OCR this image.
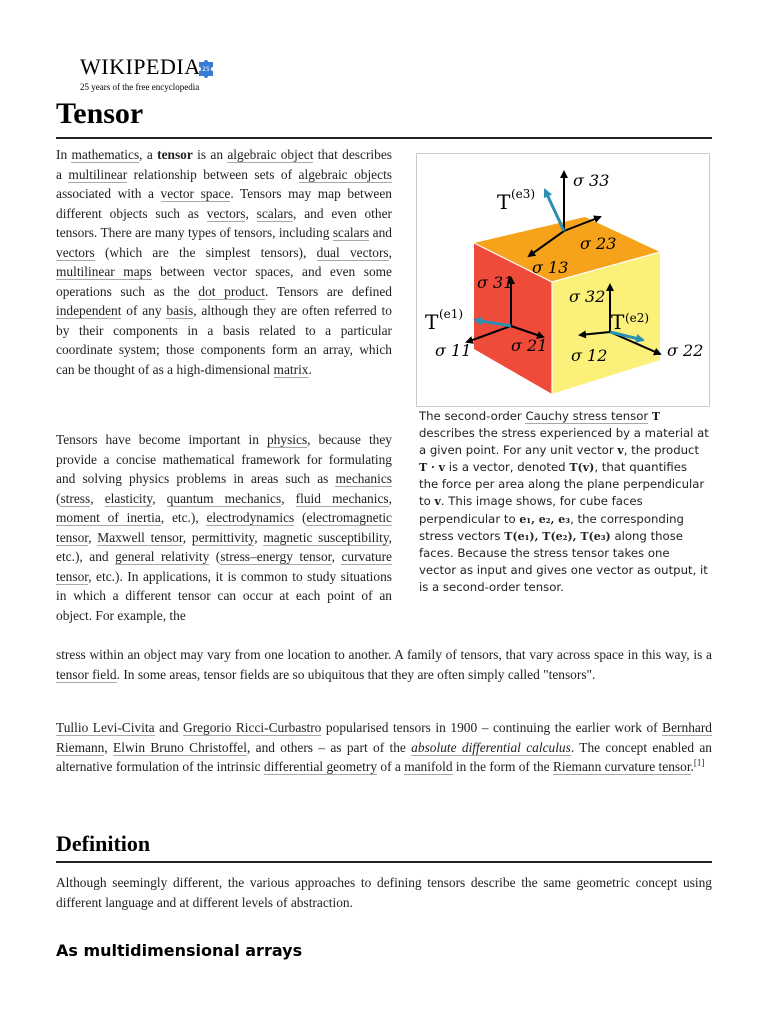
WIKIPEDIA 25
25 years of the free encyclopedia
Tensor

In mathematics, a tensor is an algebraic object that describes a multilinear relationship between sets of algebraic objects associated with a vector space. Tensors may map between different objects such as vectors, scalars, and even other tensors. There are many types of tensors, including scalars and vectors (which are the simplest tensors), dual vectors, multilinear maps between vector spaces, and even some operations such as the dot product. Tensors are defined independent of any basis, although they are often referred to by their components in a basis related to a particular coordinate system; those components form an array, which can be thought of as a high-dimensional matrix.

Tensors have become important in physics, because they provide a concise mathematical framework for formulating and solving physics problems in areas such as mechanics (stress, elasticity, quantum mechanics, fluid mechanics, moment of inertia, etc.), electrodynamics (electromagnetic tensor, Maxwell tensor, permittivity, magnetic susceptibility, etc.), and general relativity (stress–energy tensor, curvature tensor, etc.). In applications, it is common to study situations in which a different tensor can occur at each point of an object. For example, the

stress within an object may vary from one location to another. A family of tensors, that vary across space in this way, is a tensor field. In some areas, tensor fields are so ubiquitous that they are often simply called "tensors".

Tullio Levi-Civita and Gregorio Ricci-Curbastro popularised tensors in 1900 – continuing the earlier work of Bernhard Riemann, Elwin Bruno Christoffel, and others – as part of the absolute differential calculus. The concept enabled an alternative formulation of the intrinsic differential geometry of a manifold in the form of the Riemann curvature tensor.[1]

σ 33
σ 23
σ 13
σ 31
σ 32
σ 11 σ 21
σ 12	σ 22
T (e3)
T (e1)	T (e2)

The second-order Cauchy stress tensor T describes the stress experienced by a material at a given point. For any unit vector v, the product T · v is a vector, denoted T(v), that quantifies the force per area along the plane perpendicular to v. This image shows, for cube faces perpendicular to e₁, e₂, e₃, the corresponding stress vectors T(e₁), T(e₂), T(e₃) along those faces. Because the stress tensor takes one vector as input and gives one vector as output, it is a second-order tensor.

Definition

Although seemingly different, the various approaches to defining tensors describe the same geometric concept using different language and at different levels of abstraction.

As multidimensional arrays
